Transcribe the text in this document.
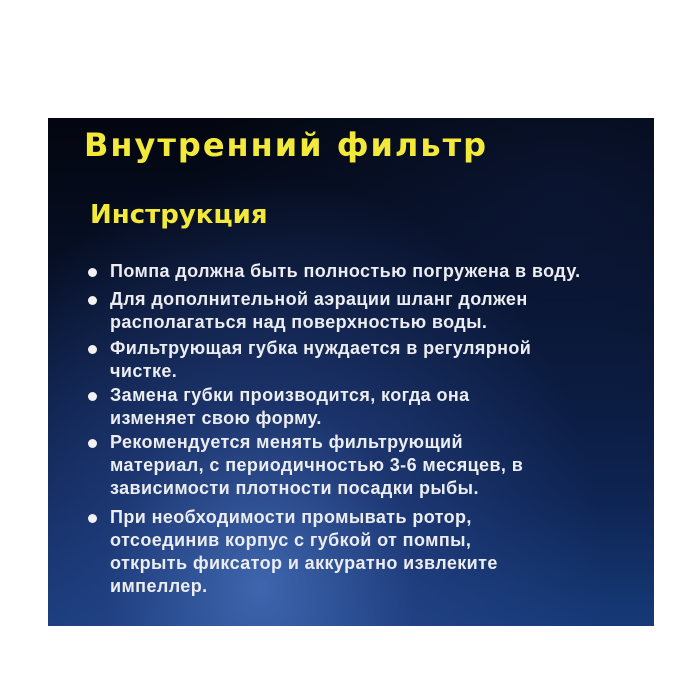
Внутренний фильтр
Инструкция
Помпа должна быть полностью погружена в воду.
Для дополнительной аэрации шланг должен
располагаться над поверхностью воды.
Фильтрующая губка нуждается в регулярной
чистке.
Замена губки производится, когда она
изменяет свою форму.
Рекомендуется менять фильтрующий
материал, с периодичностью 3-6 месяцев, в
зависимости плотности посадки рыбы.
При необходимости промывать ротор,
отсоединив корпус с губкой от помпы,
открыть фиксатор и аккуратно извлеките
импеллер.
